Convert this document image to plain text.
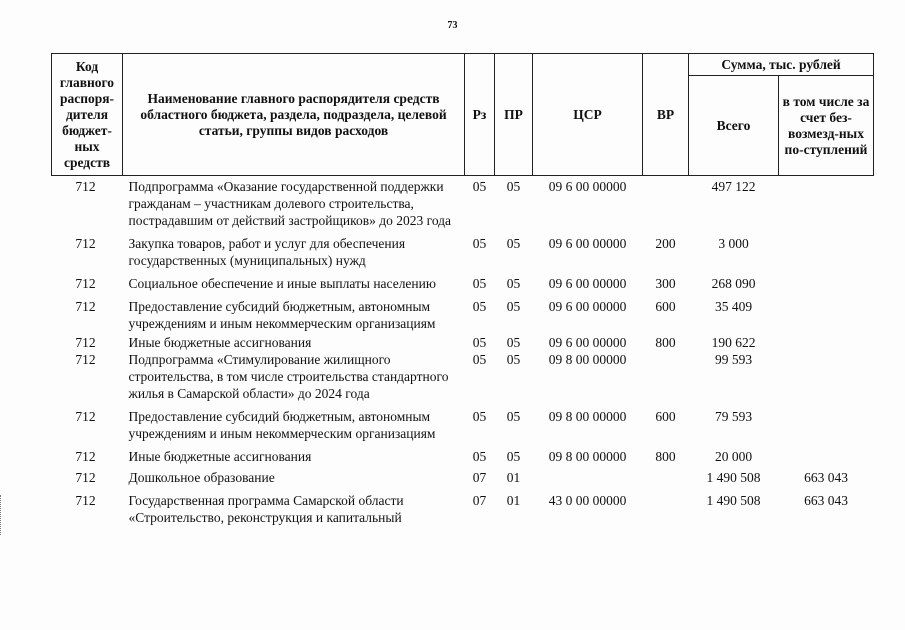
73
Код главного распоря-дителя бюджет-ных средств	Наименование главного распорядителя средств областного бюджета, раздела, подраздела, целевой статьи, группы видов расходов	Рз	ПР	ЦСР	ВР	Сумма, тыс. рублей	
						Всего	в том числе за счет без-возмезд-ных по-ступлений
712	Подпрограмма «Оказание государственной поддержки гражданам – участникам долевого строительства, пострадавшим от действий застройщиков» до 2023 года	05	05	09 6 00 00000		497 122	
712	Закупка товаров, работ и услуг для обеспечения государственных (муниципальных) нужд	05	05	09 6 00 00000	200	3 000	
712	Социальное обеспечение и иные выплаты населению	05	05	09 6 00 00000	300	268 090	
712	Предоставление субсидий бюджетным, автономным учреждениям и иным некоммерческим организациям	05	05	09 6 00 00000	600	35 409	
712	Иные бюджетные ассигнования	05	05	09 6 00 00000	800	190 622	
712	Подпрограмма «Стимулирование жилищного строительства, в том числе строительства стандартного жилья в Самарской области» до 2024 года	05	05	09 8 00 00000		99 593	
712	Предоставление субсидий бюджетным, автономным учреждениям и иным некоммерческим организациям	05	05	09 8 00 00000	600	79 593	
712	Иные бюджетные ассигнования	05	05	09 8 00 00000	800	20 000	
712	Дошкольное образование	07	01			1 490 508	663 043
712	Государственная программа Самарской области «Строительство, реконструкция и капитальный	07	01	43 0 00 00000		1 490 508	663 043
